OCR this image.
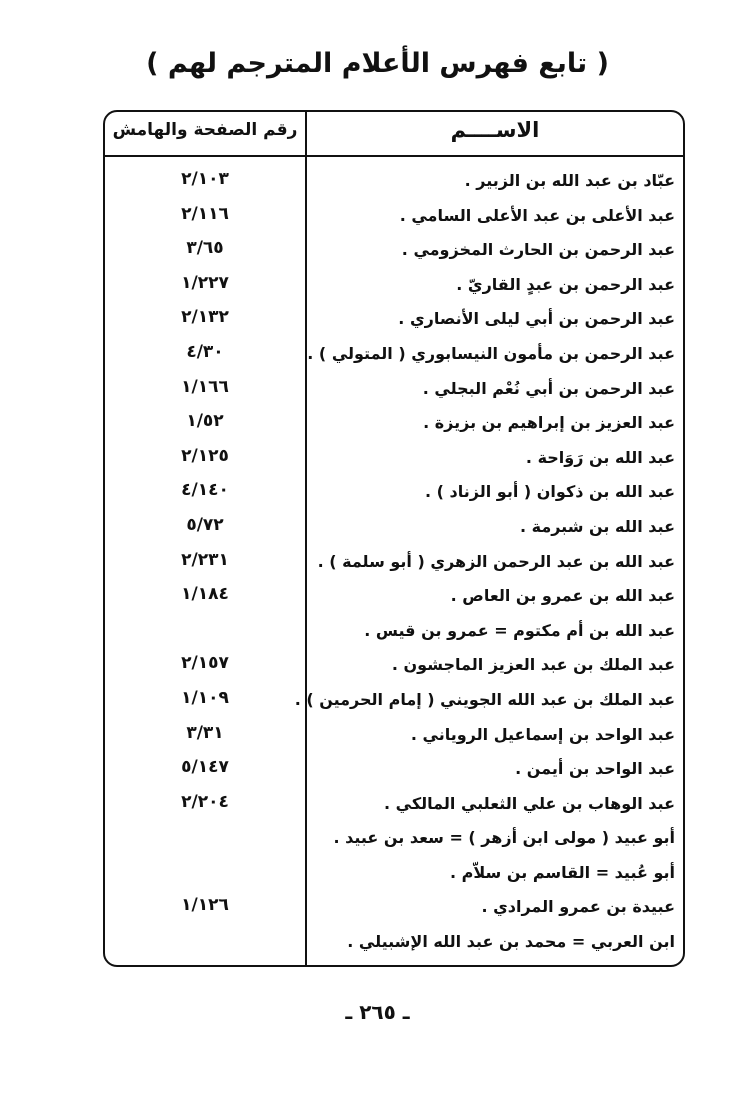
( تابع فهرس الأعلام المترجم لهم )
الاســــم
رقم الصفحة والهامش
عبّاد بن عبد الله بن الزبير .
٢/١٠٣
عبد الأعلى بن عبد الأعلى السامي .
٢/١١٦
عبد الرحمن بن الحارث المخزومي .
٣/٦٥
عبد الرحمن بن عبدٍ القاريّ .
١/٢٢٧
عبد الرحمن بن أبي ليلى الأنصاري .
٢/١٣٢
عبد الرحمن بن مأمون النيسابوري ( المتولي ) .
٤/٣٠
عبد الرحمن بن أبي نُعْم البجلي .
١/١٦٦
عبد العزيز بن إبراهيم بن بزيزة .
١/٥٢
عبد الله بن رَوَاحة .
٢/١٢٥
عبد الله بن ذكوان ( أبو الزناد ) .
٤/١٤٠
عبد الله بن شبرمة .
٥/٧٢
عبد الله بن عبد الرحمن الزهري ( أبو سلمة ) .
٢/٢٣١
عبد الله بن عمرو بن العاص .
١/١٨٤
عبد الله بن أم مكتوم = عمرو بن قيس .
عبد الملك بن عبد العزيز الماجشون .
٢/١٥٧
عبد الملك بن عبد الله الجويني ( إمام الحرمين ) .
١/١٠٩
عبد الواحد بن إسماعيل الروياني .
٣/٣١
عبد الواحد بن أيمن .
٥/١٤٧
عبد الوهاب بن علي الثعلبي المالكي .
٢/٢٠٤
أبو عبيد ( مولى ابن أزهر ) = سعد بن عبيد .
أبو عُبيد = القاسم بن سلاّم .
عبيدة بن عمرو المرادي .
١/١٢٦
ابن العربي = محمد بن عبد الله الإشبيلي .
ـ ٢٦٥ ـ
